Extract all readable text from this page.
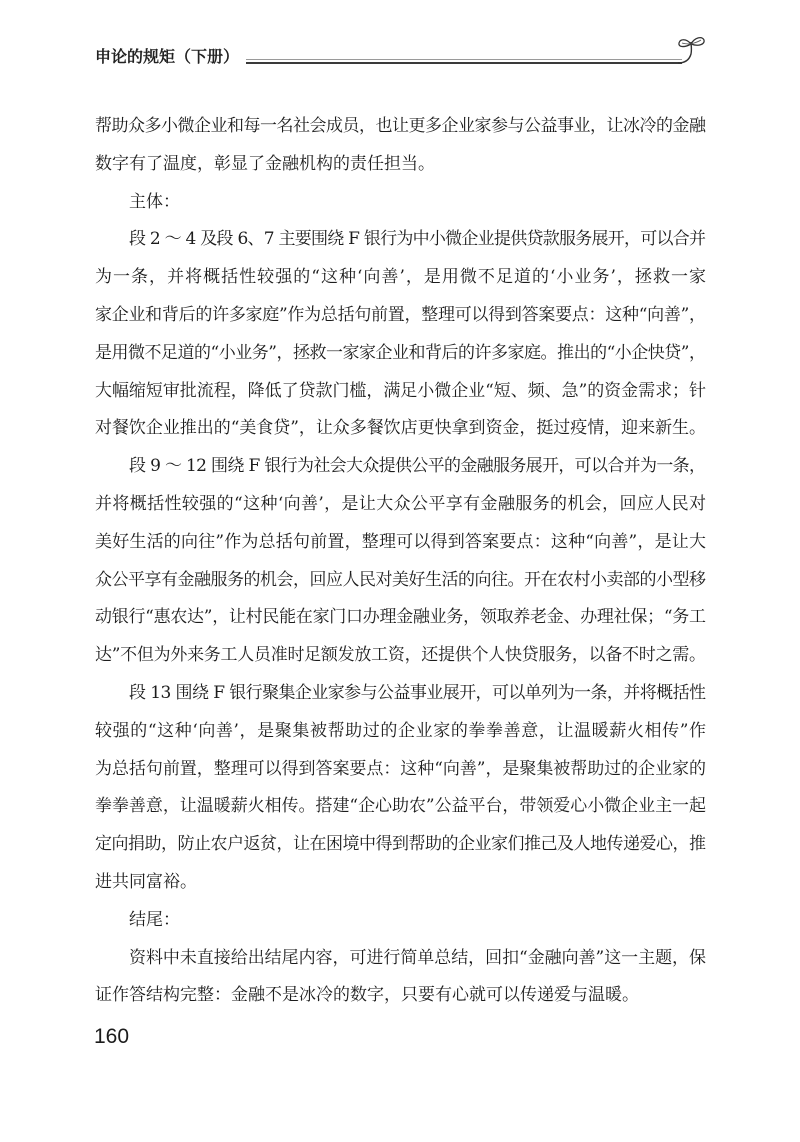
申论的规矩（下册）
帮助众多小微企业和每一名社会成员，也让更多企业家参与公益事业，让冰冷的金融
数字有了温度，彰显了金融机构的责任担当。
主体：
段 2 ～ 4 及段 6、7 主要围绕 F 银行为中小微企业提供贷款服务展开，可以合并
为一条，并将概括性较强的“这种‘向善’，是用微不足道的‘小业务’，拯救一家
家企业和背后的许多家庭”作为总括句前置，整理可以得到答案要点：这种“向善”，
是用微不足道的“小业务”，拯救一家家企业和背后的许多家庭。推出的“小企快贷”，
大幅缩短审批流程，降低了贷款门槛，满足小微企业“短、频、急”的资金需求；针
对餐饮企业推出的“美食贷”，让众多餐饮店更快拿到资金，挺过疫情，迎来新生。
段 9 ～ 12 围绕 F 银行为社会大众提供公平的金融服务展开，可以合并为一条，
并将概括性较强的“这种‘向善’，是让大众公平享有金融服务的机会，回应人民对
美好生活的向往”作为总括句前置，整理可以得到答案要点：这种“向善”，是让大
众公平享有金融服务的机会，回应人民对美好生活的向往。开在农村小卖部的小型移
动银行“惠农达”，让村民能在家门口办理金融业务，领取养老金、办理社保；“务工
达”不但为外来务工人员准时足额发放工资，还提供个人快贷服务，以备不时之需。
段 13 围绕 F 银行聚集企业家参与公益事业展开，可以单列为一条，并将概括性
较强的“这种‘向善’，是聚集被帮助过的企业家的拳拳善意，让温暖薪火相传”作
为总括句前置，整理可以得到答案要点：这种“向善”，是聚集被帮助过的企业家的
拳拳善意，让温暖薪火相传。搭建“企心助农”公益平台，带领爱心小微企业主一起
定向捐助，防止农户返贫，让在困境中得到帮助的企业家们推己及人地传递爱心，推
进共同富裕。
结尾：
资料中未直接给出结尾内容，可进行简单总结，回扣“金融向善”这一主题，保
证作答结构完整：金融不是冰冷的数字，只要有心就可以传递爱与温暖。
160
